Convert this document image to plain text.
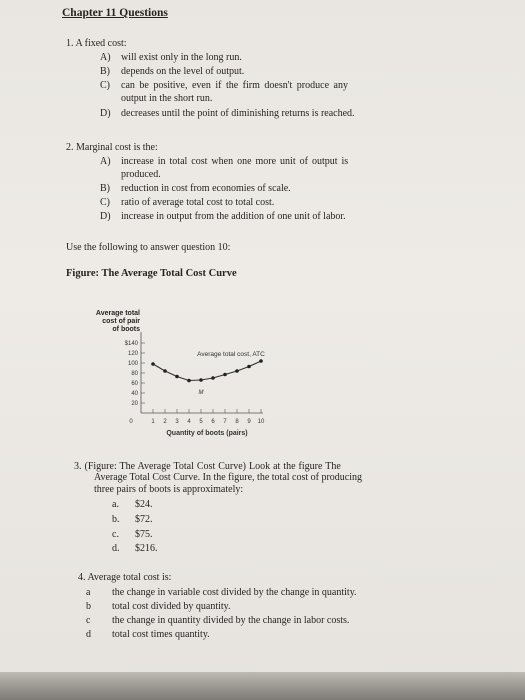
Chapter 11 Questions
1. A fixed cost:
A) will exist only in the long run.
B) depends on the level of output.
C) can be positive, even if the firm doesn't produce any
output in the short run.
D) decreases until the point of diminishing returns is reached.
2. Marginal cost is the:
A) increase in total cost when one more unit of output is
produced.
B) reduction in cost from economies of scale.
C) ratio of average total cost to total cost.
D) increase in output from the addition of one unit of labor.
Use the following to answer question 10:
Figure: The Average Total Cost Curve
Average total
cost of pair
of boots
$140
120
100
80
60
40
20
1 2 3 4 5 6 7 8 9 10
0
Quantity of boots (pairs)
Average total cost, ATC
M
3. (Figure: The Average Total Cost Curve) Look at the figure The
Average Total Cost Curve. In the figure, the total cost of producing
three pairs of boots is approximately:
a. $24.
b. $72.
c. $75.
d. $216.
4. Average total cost is:
a the change in variable cost divided by the change in quantity.
b total cost divided by quantity.
c the change in quantity divided by the change in labor costs.
d total cost times quantity.
